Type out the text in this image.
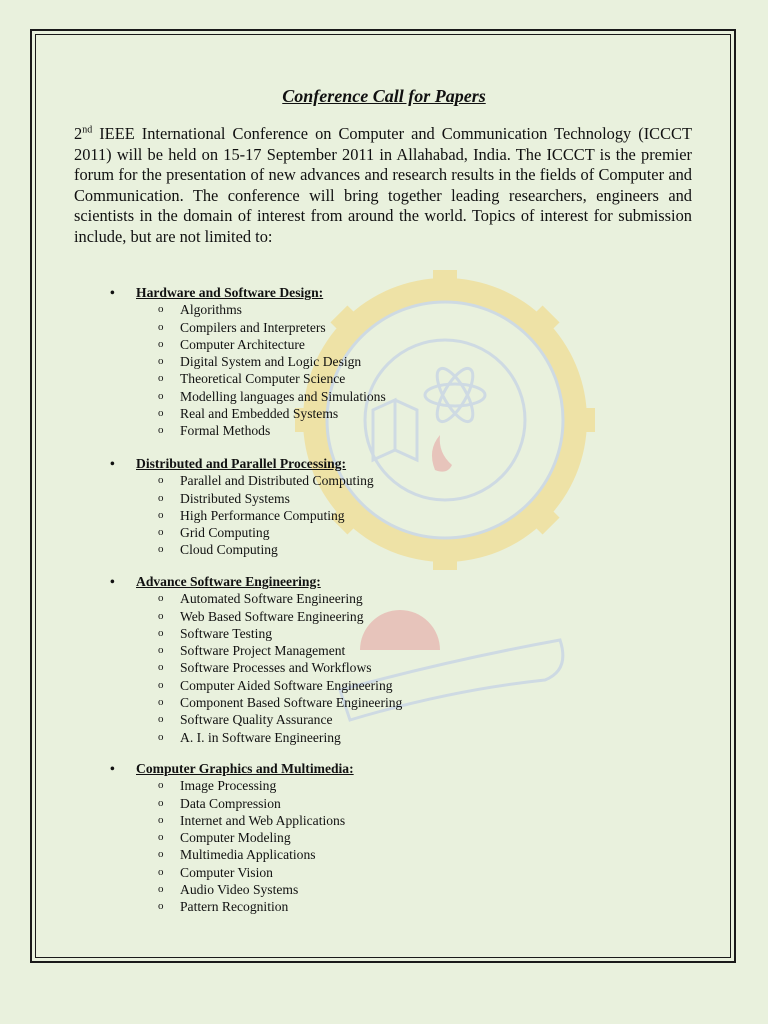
Conference Call for Papers
2nd IEEE International Conference on Computer and Communication Technology (ICCCT 2011) will be held on 15-17 September 2011 in Allahabad, India. The ICCCT is the premier forum for the presentation of new advances and research results in the fields of Computer and Communication. The conference will bring together leading researchers, engineers and scientists in the domain of interest from around the world. Topics of interest for submission include, but are not limited to:
• Hardware and Software Design:
o Algorithms
o Compilers and Interpreters
o Computer Architecture
o Digital System and Logic Design
o Theoretical Computer Science
o Modelling languages and Simulations
o Real and Embedded Systems
o Formal Methods
• Distributed and Parallel Processing:
o Parallel and Distributed Computing
o Distributed Systems
o High Performance Computing
o Grid Computing
o Cloud Computing
• Advance Software Engineering:
o Automated Software Engineering
o Web Based Software Engineering
o Software Testing
o Software Project Management
o Software Processes and Workflows
o Computer Aided Software Engineering
o Component Based Software Engineering
o Software Quality Assurance
o A. I. in Software Engineering
• Computer Graphics and Multimedia:
o Image Processing
o Data Compression
o Internet and Web Applications
o Computer Modeling
o Multimedia Applications
o Computer Vision
o Audio Video Systems
o Pattern Recognition
